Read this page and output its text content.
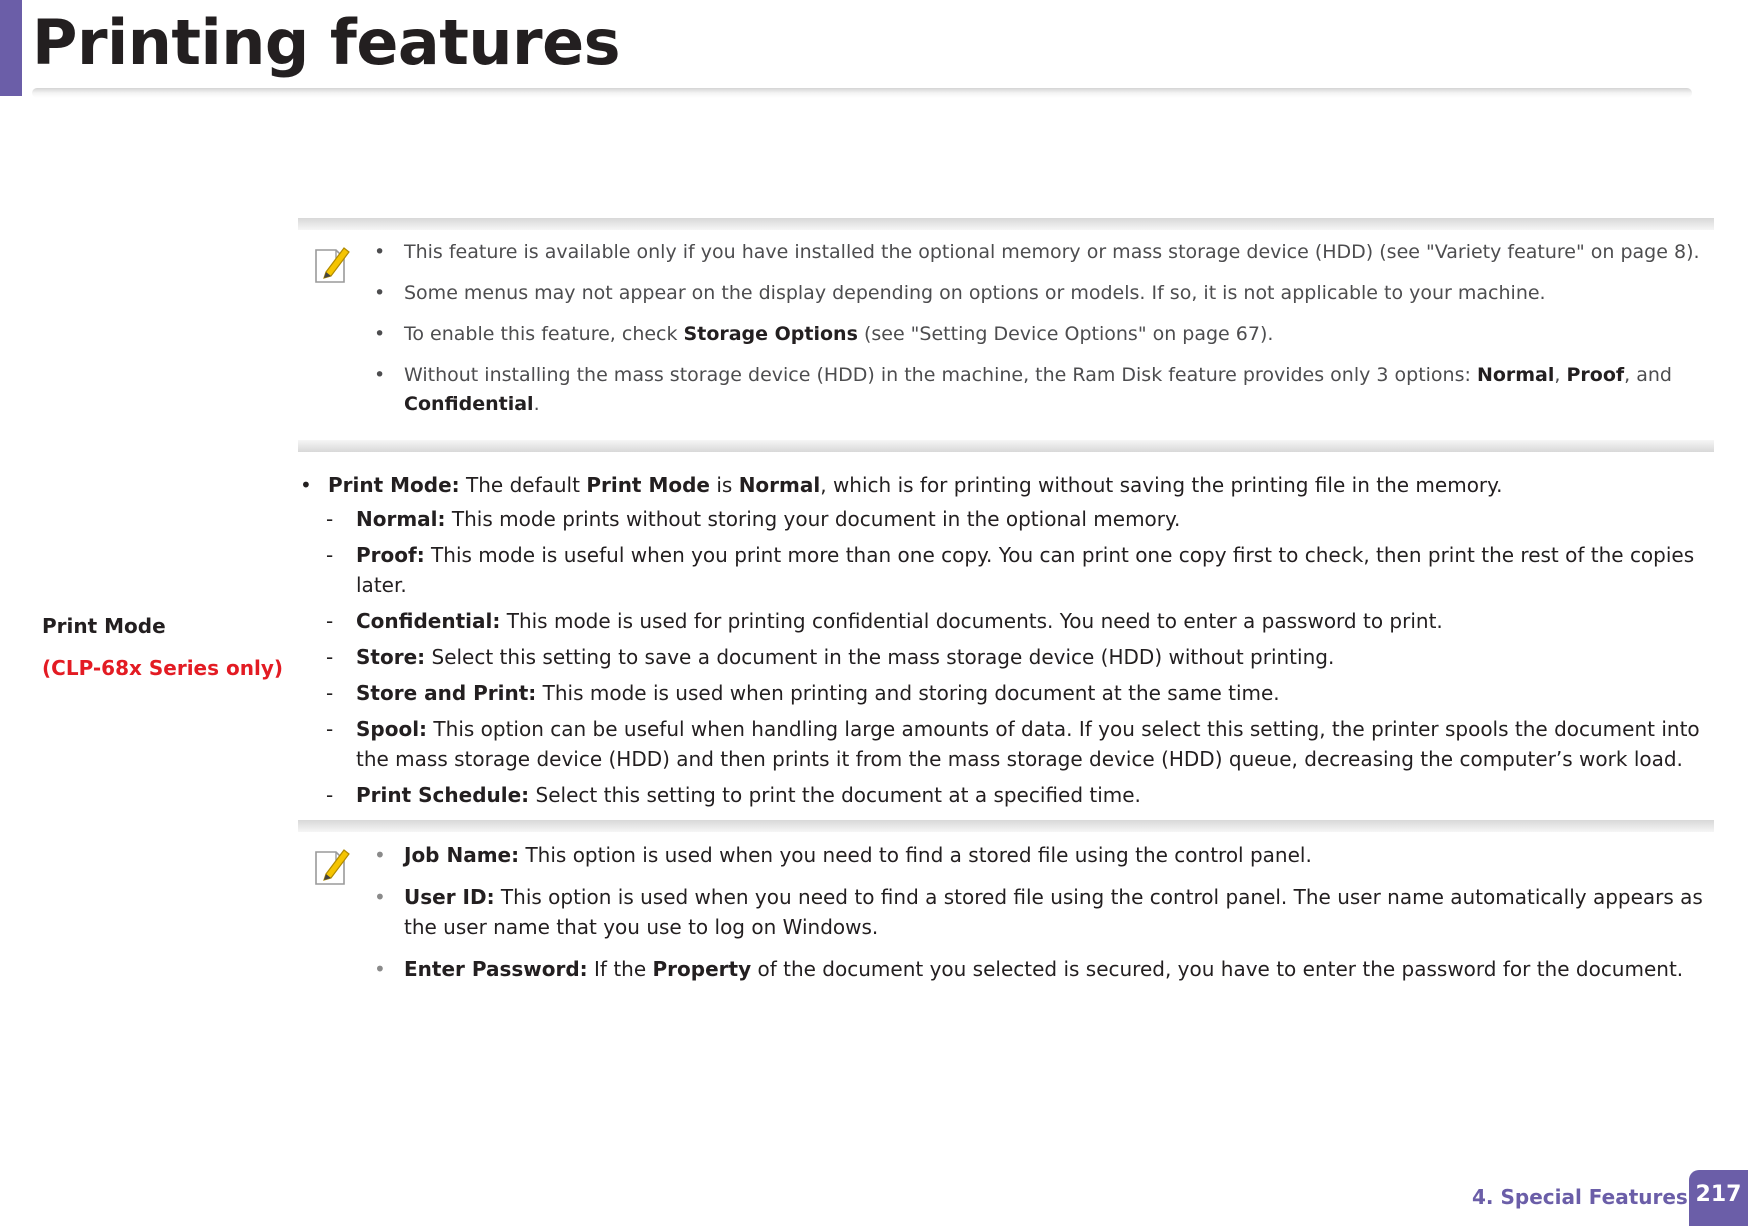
Printing features
• This feature is available only if you have installed the optional memory or mass storage device (HDD) (see "Variety feature" on page 8).
• Some menus may not appear on the display depending on options or models. If so, it is not applicable to your machine.
• To enable this feature, check Storage Options (see "Setting Device Options" on page 67).
• Without installing the mass storage device (HDD) in the machine, the Ram Disk feature provides only 3 options: Normal, Proof, and Confidential.
Print Mode
(CLP-68x Series only)
• Print Mode: The default Print Mode is Normal, which is for printing without saving the printing file in the memory.
- Normal: This mode prints without storing your document in the optional memory.
- Proof: This mode is useful when you print more than one copy. You can print one copy first to check, then print the rest of the copies later.
- Confidential: This mode is used for printing confidential documents. You need to enter a password to print.
- Store: Select this setting to save a document in the mass storage device (HDD) without printing.
- Store and Print: This mode is used when printing and storing document at the same time.
- Spool: This option can be useful when handling large amounts of data. If you select this setting, the printer spools the document into the mass storage device (HDD) and then prints it from the mass storage device (HDD) queue, decreasing the computer’s work load.
- Print Schedule: Select this setting to print the document at a specified time.
• Job Name: This option is used when you need to find a stored file using the control panel.
• User ID: This option is used when you need to find a stored file using the control panel. The user name automatically appears as the user name that you use to log on Windows.
• Enter Password: If the Property of the document you selected is secured, you have to enter the password for the document.
4. Special Features 217
